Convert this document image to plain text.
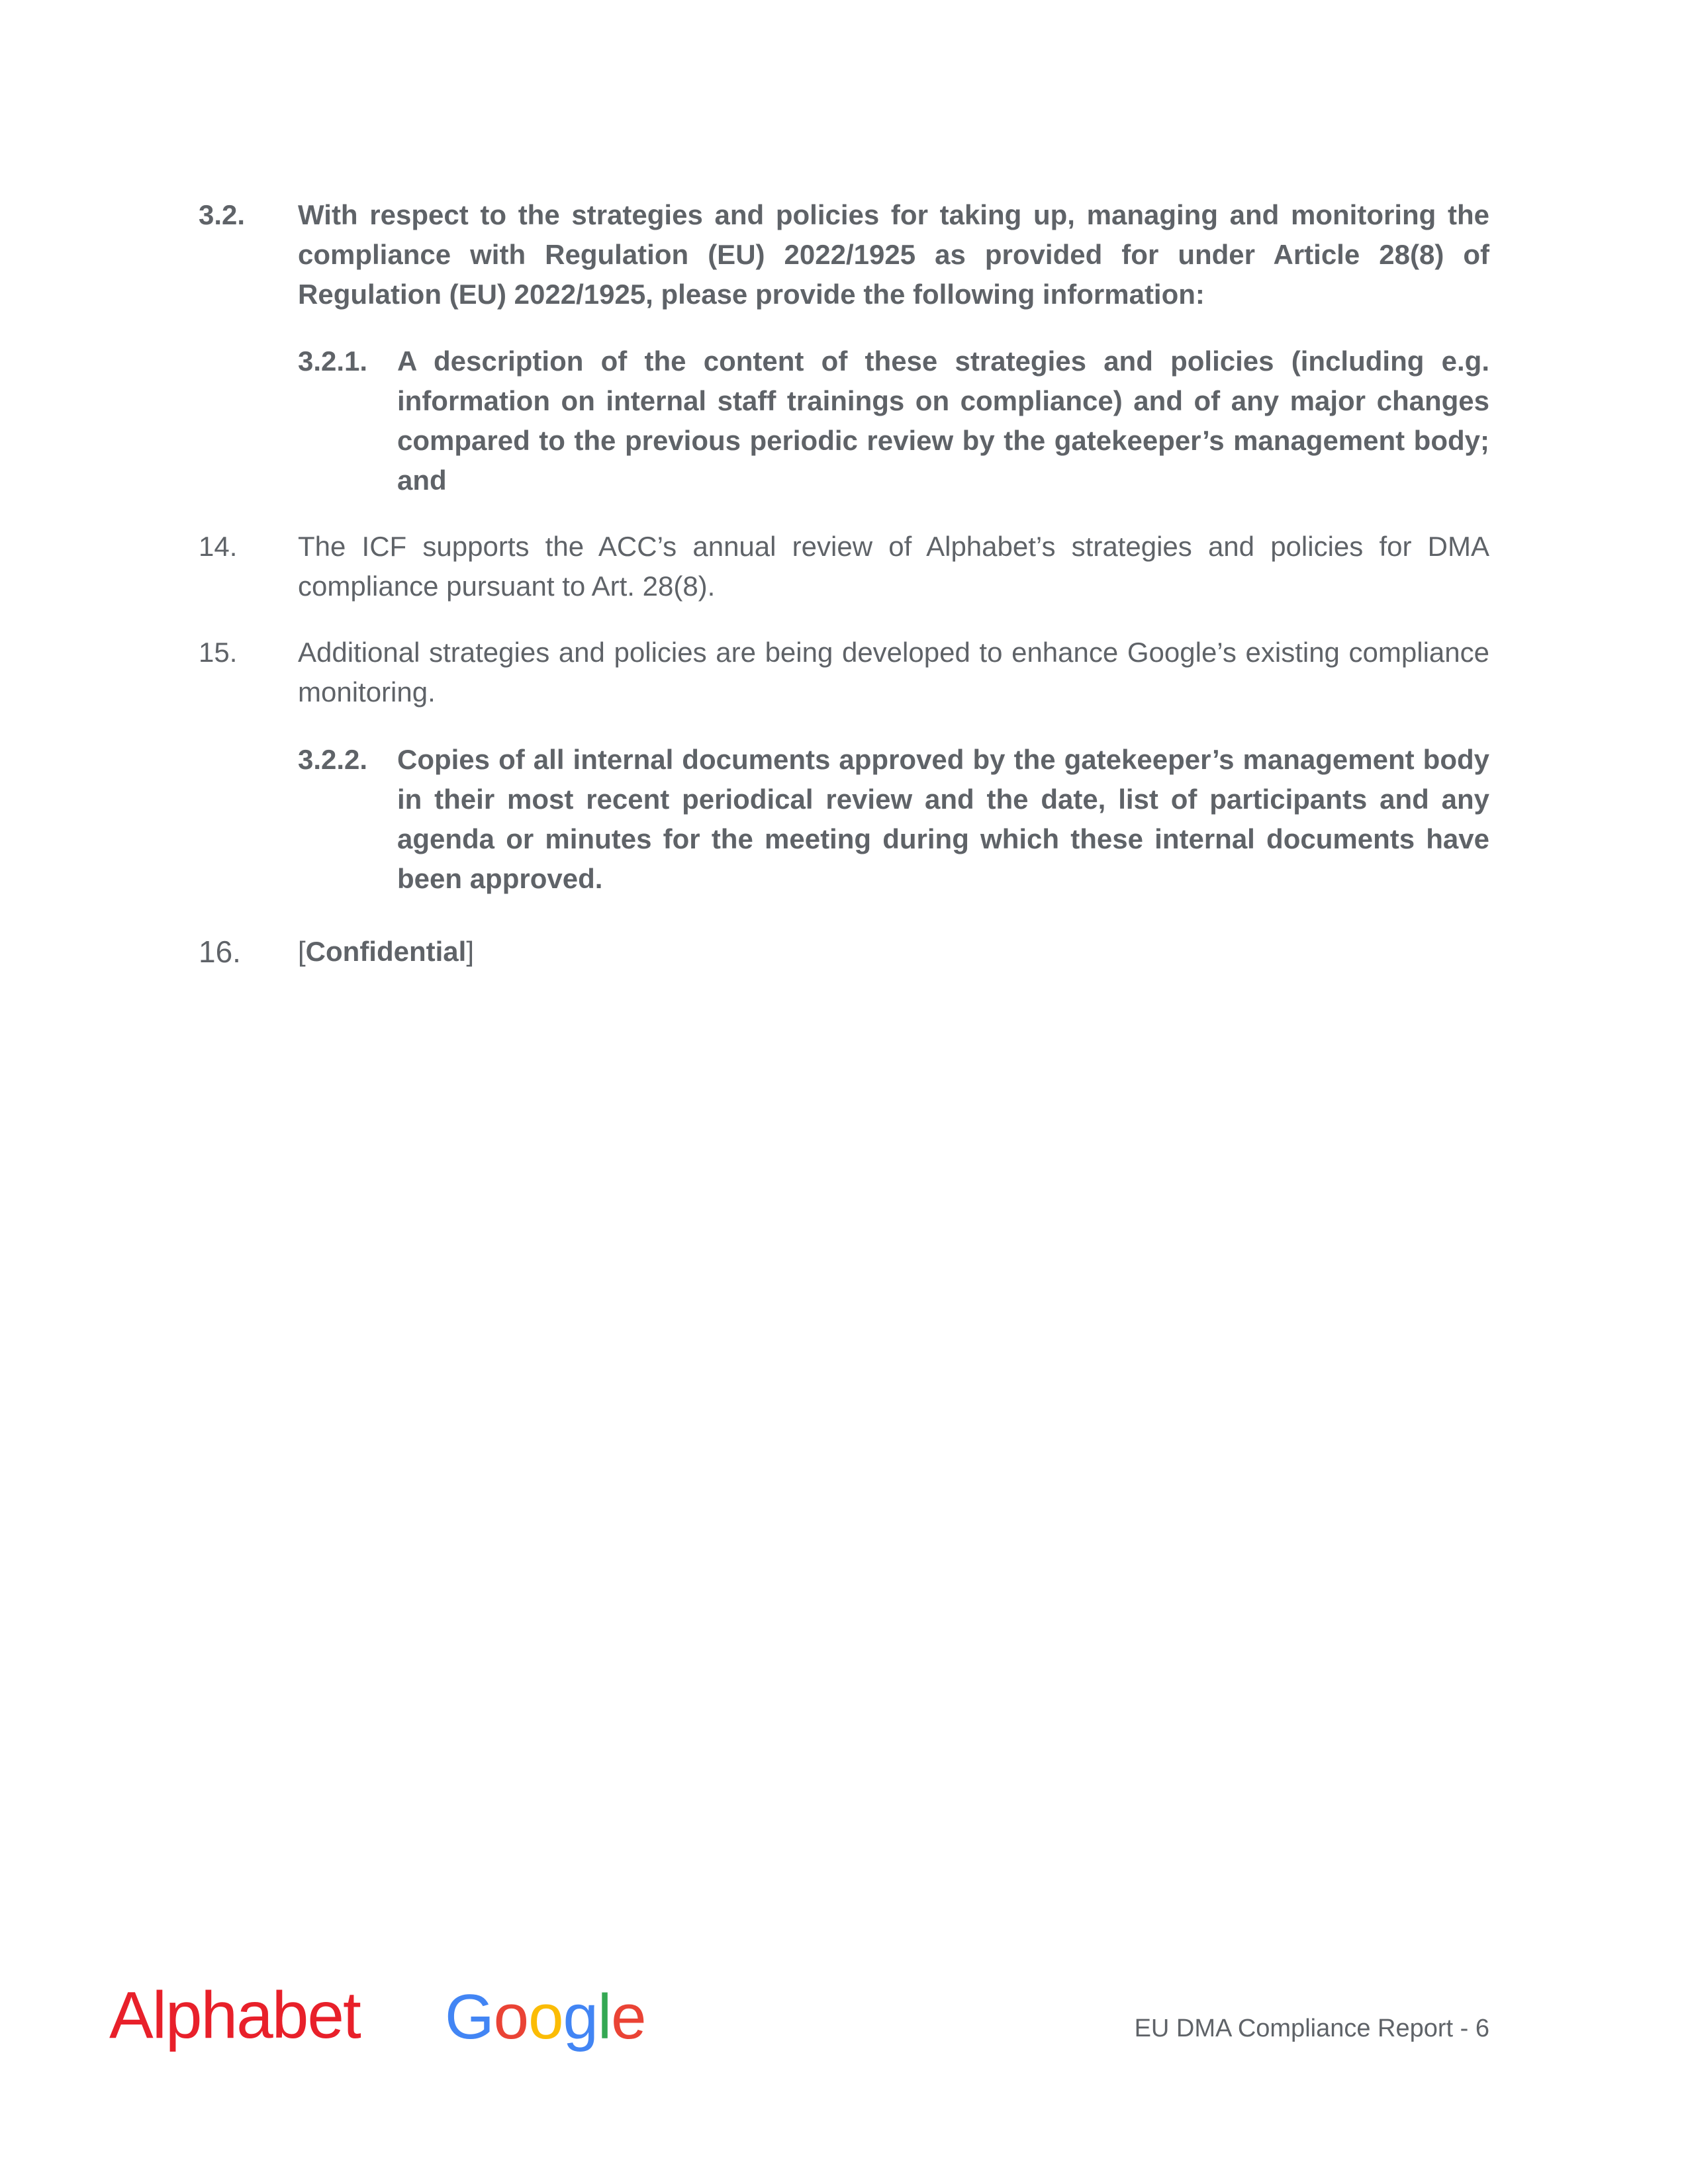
3.2. With respect to the strategies and policies for taking up, managing and monitoring the compliance with Regulation (EU) 2022/1925 as provided for under Article 28(8) of Regulation (EU) 2022/1925, please provide the following information:
3.2.1. A description of the content of these strategies and policies (including e.g. information on internal staff trainings on compliance) and of any major changes compared to the previous periodic review by the gatekeeper’s management body; and
14. The ICF supports the ACC’s annual review of Alphabet’s strategies and policies for DMA compliance pursuant to Art. 28(8).
15. Additional strategies and policies are being developed to enhance Google’s existing compliance monitoring.
3.2.2. Copies of all internal documents approved by the gatekeeper’s management body in their most recent periodical review and the date, list of participants and any agenda or minutes for the meeting during which these internal documents have been approved.
16. [Confidential]
Alphabet Google	EU DMA Compliance Report - 6
